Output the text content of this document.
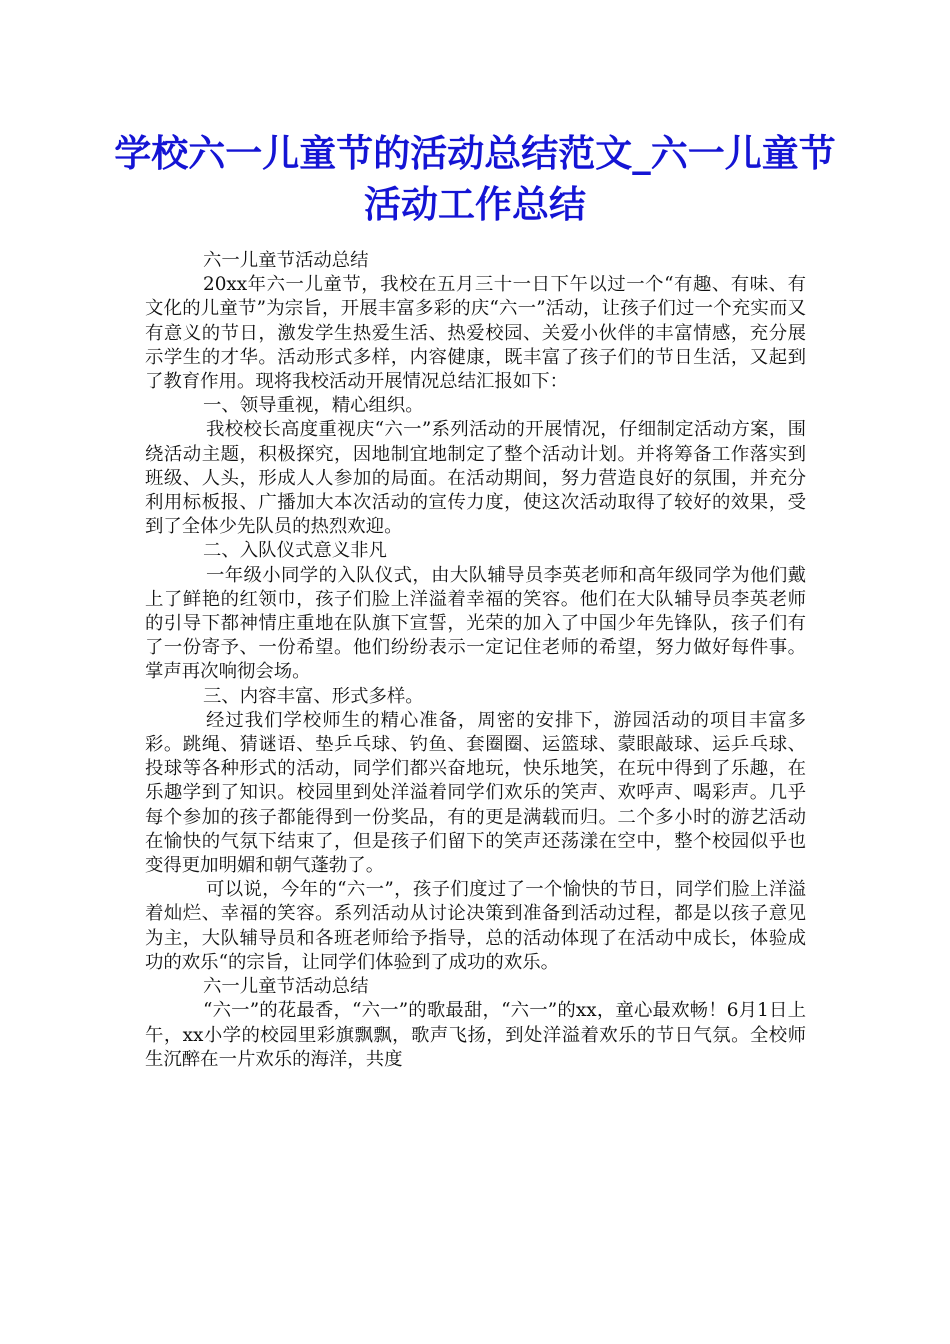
学校六一儿童节的活动总结范文_六一儿童节活动工作总结

六一儿童节活动总结

20xx年六一儿童节，我校在五月三十一日下午以过一个“有趣、有味、有文化的儿童节”为宗旨，开展丰富多彩的庆“六一”活动，让孩子们过一个充实而又有意义的节日，激发学生热爱生活、热爱校园、关爱小伙伴的丰富情感，充分展示学生的才华。活动形式多样，内容健康，既丰富了孩子们的节日生活，又起到了教育作用。现将我校活动开展情况总结汇报如下：

一、领导重视，精心组织。

我校校长高度重视庆“六一”系列活动的开展情况，仔细制定活动方案，围绕活动主题，积极探究，因地制宜地制定了整个活动计划。并将筹备工作落实到班级、人头，形成人人参加的局面。在活动期间，努力营造良好的氛围，并充分利用标板报、广播加大本次活动的宣传力度，使这次活动取得了较好的效果，受到了全体少先队员的热烈欢迎。

二、入队仪式意义非凡

一年级小同学的入队仪式，由大队辅导员李英老师和高年级同学为他们戴上了鲜艳的红领巾，孩子们脸上洋溢着幸福的笑容。他们在大队辅导员李英老师的引导下都神情庄重地在队旗下宣誓，光荣的加入了中国少年先锋队，孩子们有了一份寄予、一份希望。他们纷纷表示一定记住老师的希望，努力做好每件事。掌声再次响彻会场。

三、内容丰富、形式多样。

经过我们学校师生的精心准备，周密的安排下，游园活动的项目丰富多彩。跳绳、猜谜语、垫乒乓球、钓鱼、套圈圈、运篮球、蒙眼敲球、运乒乓球、投球等各种形式的活动，同学们都兴奋地玩，快乐地笑，在玩中得到了乐趣，在乐趣学到了知识。校园里到处洋溢着同学们欢乐的笑声、欢呼声、喝彩声。几乎每个参加的孩子都能得到一份奖品，有的更是满载而归。二个多小时的游艺活动在愉快的气氛下结束了，但是孩子们留下的笑声还荡漾在空中，整个校园似乎也变得更加明媚和朝气蓬勃了。

可以说，今年的“六一”，孩子们度过了一个愉快的节日，同学们脸上洋溢着灿烂、幸福的笑容。系列活动从讨论决策到准备到活动过程，都是以孩子意见为主，大队辅导员和各班老师给予指导，总的活动体现了在活动中成长，体验成功的欢乐“的宗旨，让同学们体验到了成功的欢乐。

六一儿童节活动总结

“六一”的花最香，“六一”的歌最甜，“六一”的xx，童心最欢畅！6月1日上午，xx小学的校园里彩旗飘飘，歌声飞扬，到处洋溢着欢乐的节日气氛。全校师生沉醉在一片欢乐的海洋，共度
